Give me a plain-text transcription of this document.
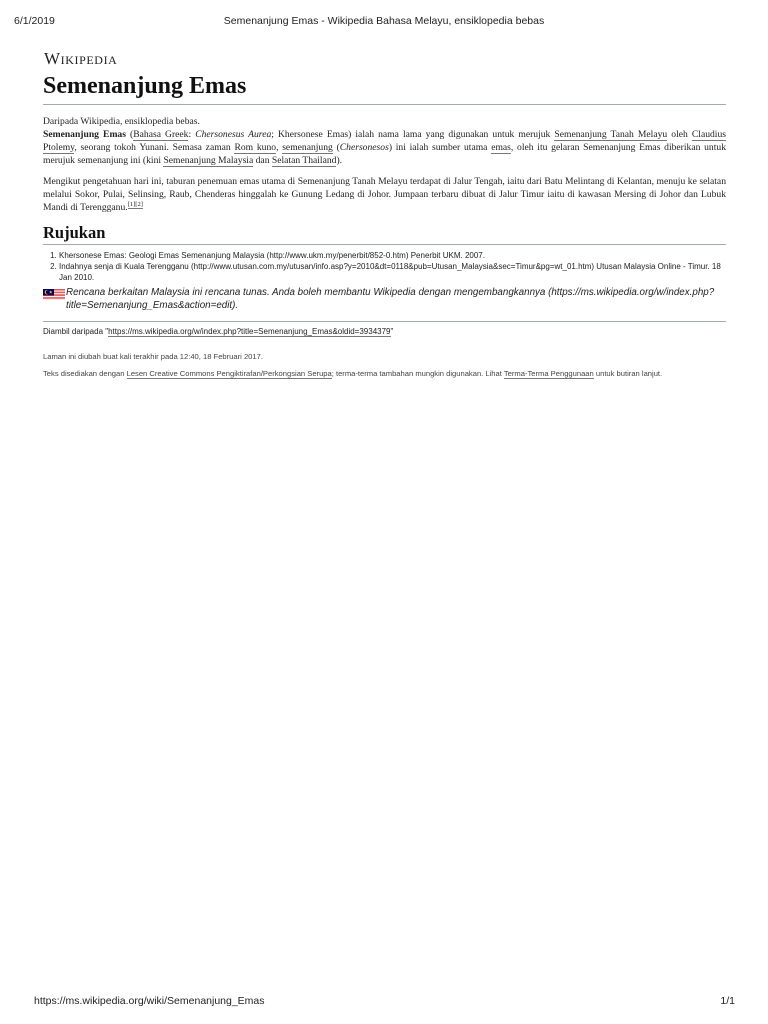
6/1/2019	Semenanjung Emas - Wikipedia Bahasa Melayu, ensiklopedia bebas
Wikipedia
Semenanjung Emas
Daripada Wikipedia, ensiklopedia bebas.
Semenanjung Emas (Bahasa Greek: Chersonesus Aurea; Khersonese Emas) ialah nama lama yang digunakan untuk merujuk Semenanjung Tanah Melayu oleh Claudius Ptolemy, seorang tokoh Yunani. Semasa zaman Rom kuno, semenanjung (Chersonesos) ini ialah sumber utama emas, oleh itu gelaran Semenanjung Emas diberikan untuk merujuk semenanjung ini (kini Semenanjung Malaysia dan Selatan Thailand).
Mengikut pengetahuan hari ini, taburan penemuan emas utama di Semenanjung Tanah Melayu terdapat di Jalur Tengah, iaitu dari Batu Melintang di Kelantan, menuju ke selatan melalui Sokor, Pulai, Selinsing, Raub, Chenderas hinggalah ke Gunung Ledang di Johor. Jumpaan terbaru dibuat di Jalur Timur iaitu di kawasan Mersing di Johor dan Lubuk Mandi di Terengganu.[1][2]
Rujukan
1. Khersonese Emas: Geologi Emas Semenanjung Malaysia (http://www.ukm.my/penerbit/852-0.htm) Penerbit UKM. 2007.
2. Indahnya senja di Kuala Terengganu (http://www.utusan.com.my/utusan/info.asp?y=2010&dt=0118&pub=Utusan_Malaysia&sec=Timur&pg=wt_01.htm) Utusan Malaysia Online - Timur. 18 Jan 2010.
Rencana berkaitan Malaysia ini rencana tunas. Anda boleh membantu Wikipedia dengan mengembangkannya (https://ms.wikipedia.org/w/index.php?title=Semenanjung_Emas&action=edit).
Diambil daripada "https://ms.wikipedia.org/w/index.php?title=Semenanjung_Emas&oldid=3934379"
Laman ini diubah buat kali terakhir pada 12:40, 18 Februari 2017.
Teks disediakan dengan Lesen Creative Commons Pengiktirafan/Perkongsian Serupa; terma-terma tambahan mungkin digunakan. Lihat Terma-Terma Penggunaan untuk butiran lanjut.
https://ms.wikipedia.org/wiki/Semenanjung_Emas	1/1
